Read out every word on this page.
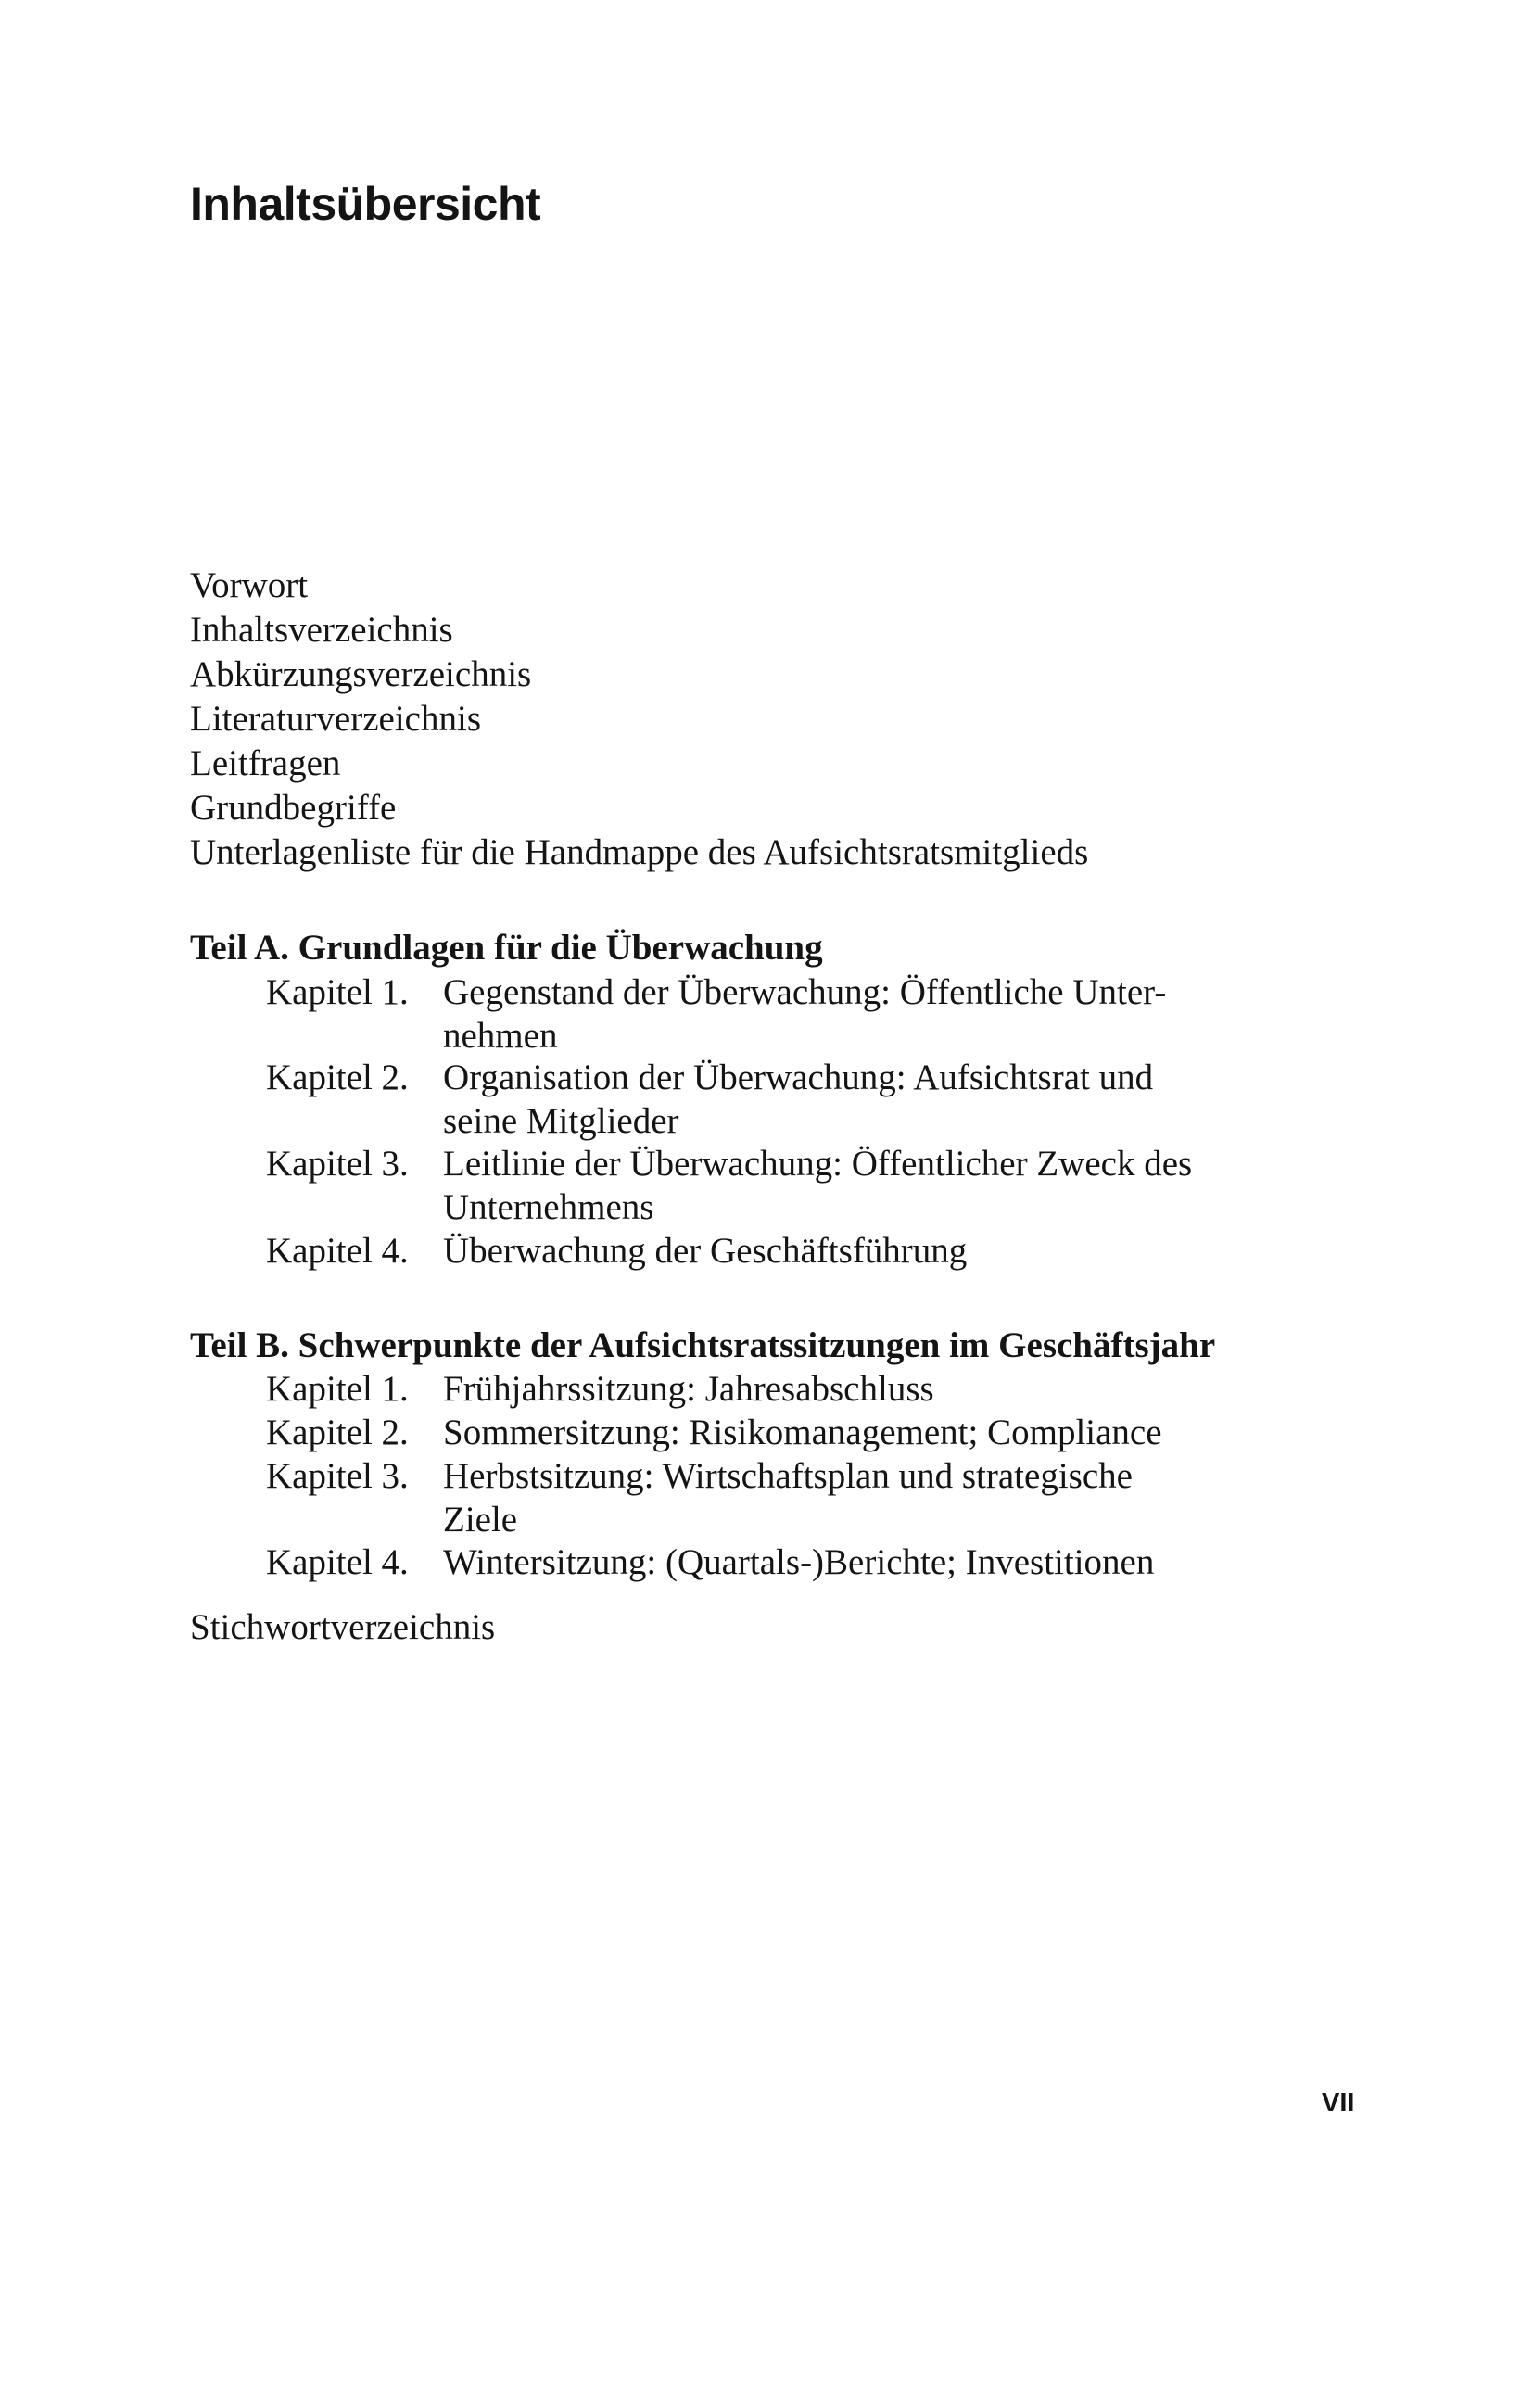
Inhaltsübersicht
Vorwort
Inhaltsverzeichnis
Abkürzungsverzeichnis
Literaturverzeichnis
Leitfragen
Grundbegriffe
Unterlagenliste für die Handmappe des Aufsichtsratsmitglieds
Teil A. Grundlagen für die Überwachung
Kapitel 1. Gegenstand der Überwachung: Öffentliche Unter-
nehmen
Kapitel 2. Organisation der Überwachung: Aufsichtsrat und
seine Mitglieder
Kapitel 3. Leitlinie der Überwachung: Öffentlicher Zweck des
Unternehmens
Kapitel 4. Überwachung der Geschäftsführung
Teil B. Schwerpunkte der Aufsichtsratssitzungen im Geschäftsjahr
Kapitel 1. Frühjahrssitzung: Jahresabschluss
Kapitel 2. Sommersitzung: Risikomanagement; Compliance
Kapitel 3. Herbstsitzung: Wirtschaftsplan und strategische
Ziele
Kapitel 4. Wintersitzung: (Quartals-)Berichte; Investitionen
Stichwortverzeichnis
VII
